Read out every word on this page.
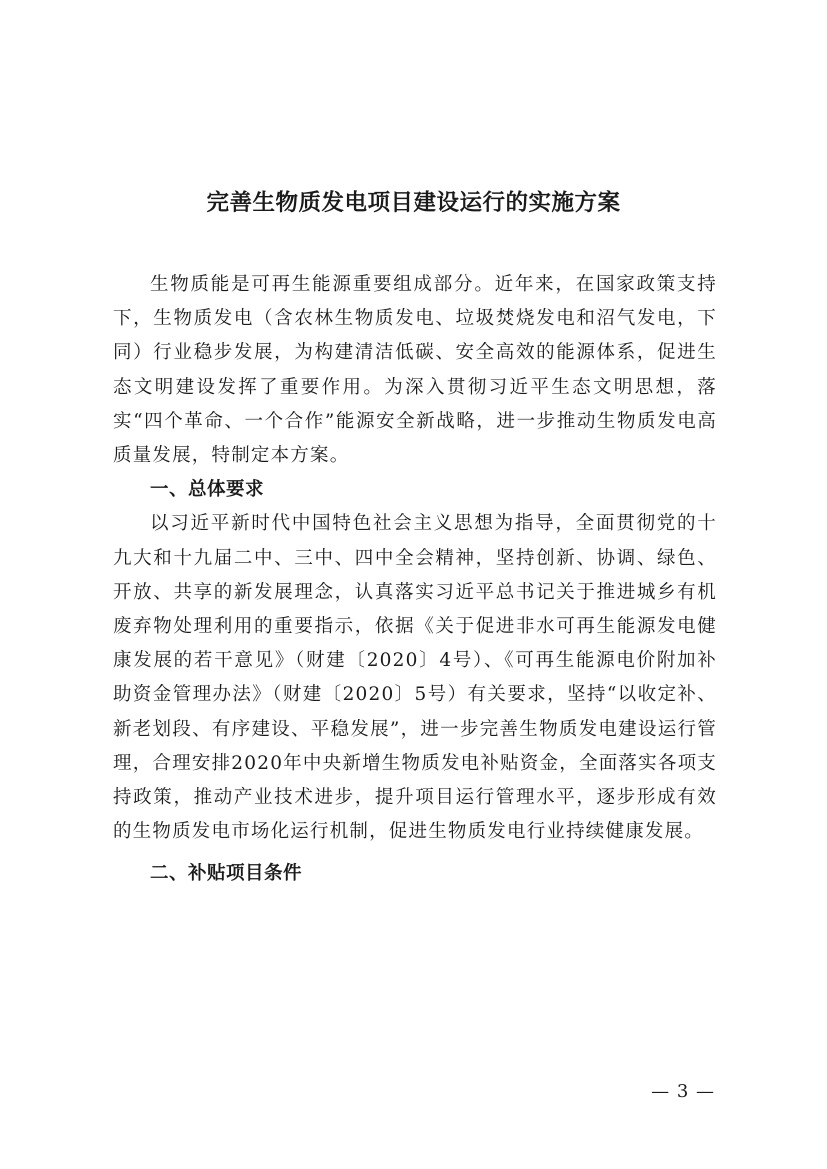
完善生物质发电项目建设运行的实施方案

生物质能是可再生能源重要组成部分。近年来，在国家政策支持下，生物质发电（含农林生物质发电、垃圾焚烧发电和沼气发电，下同）行业稳步发展，为构建清洁低碳、安全高效的能源体系，促进生态文明建设发挥了重要作用。为深入贯彻习近平生态文明思想，落实“四个革命、一个合作”能源安全新战略，进一步推动生物质发电高质量发展，特制定本方案。

一、总体要求

以习近平新时代中国特色社会主义思想为指导，全面贯彻党的十九大和十九届二中、三中、四中全会精神，坚持创新、协调、绿色、开放、共享的新发展理念，认真落实习近平总书记关于推进城乡有机废弃物处理利用的重要指示，依据《关于促进非水可再生能源发电健康发展的若干意见》（财建〔2020〕4号）、《可再生能源电价附加补助资金管理办法》（财建〔2020〕5号）有关要求，坚持“以收定补、新老划段、有序建设、平稳发展”，进一步完善生物质发电建设运行管理，合理安排2020年中央新增生物质发电补贴资金，全面落实各项支持政策，推动产业技术进步，提升项目运行管理水平，逐步形成有效的生物质发电市场化运行机制，促进生物质发电行业持续健康发展。

二、补贴项目条件

— 3 —
